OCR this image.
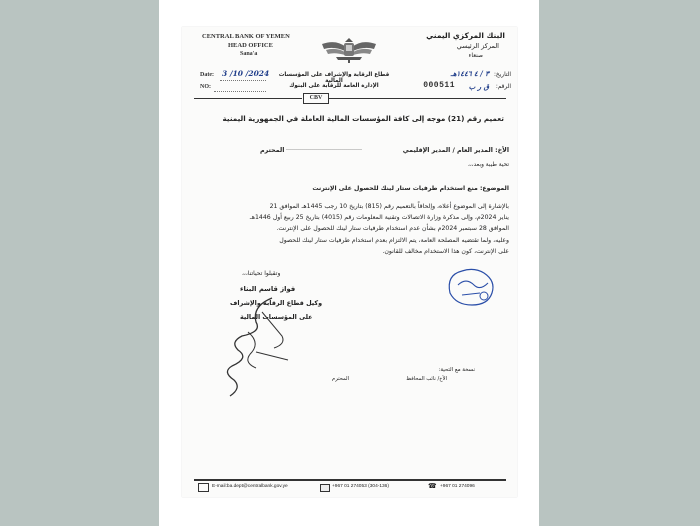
CENTRAL BANK OF YEMEN
HEAD OFFICE
Sana'a
البنك المركزي اليمني
المركز الرئيسي
صنعاء
Date: 3 /10 /2024
NO:
قطاع الرقابة والإشراف على المؤسسات المالية
الإدارة العامة للرقابة على البنوك
التاريخ:
٣ / ٤ ١٤٤٦هـ
الرقم:
ق ر ب
000511
CBV
تعميم رقم (21) موجه إلى كافة المؤسسات المالية العاملة في الجمهورية اليمنية
الأخ: المدير العام / المدير الإقليمي
......................................
المحترم
تحية طيبة وبعد،،،
الموضوع: منع استخدام طرفيات ستار لينك للحصول على الإنترنت
بالإشارة إلى الموضوع أعلاه، وإلحاقاً بالتعميم رقم (815) بتاريخ 10 رجب 1445هـ الموافق 21
يناير 2024م، وإلى مذكرة وزارة الاتصالات وتقنية المعلومات رقم (4015) بتاريخ 25 ربيع أول 1446هـ
الموافق 28 سبتمبر 2024م بشأن عدم استخدام طرفيات ستار لينك للحصول على الإنترنت.
وعليه، ولما تقتضيه المصلحة العامة، يتم الالتزام بعدم استخدام طرفيات ستار لينك للحصول
على الإنترنت، كون هذا الاستخدام مخالف للقانون.
وتقبلوا تحياتنا،،،
فواز قاسم البناء
وكيل قطاع الرقابة والإشراف
على المؤسسات المالية
نسخة مع التحية:
الأخ/ نائب المحافظ
المحترم
E-mail:ba.dept@centralbank.gov.ye	+967 01 274053 (304-136)	☎ +967 01 274096
